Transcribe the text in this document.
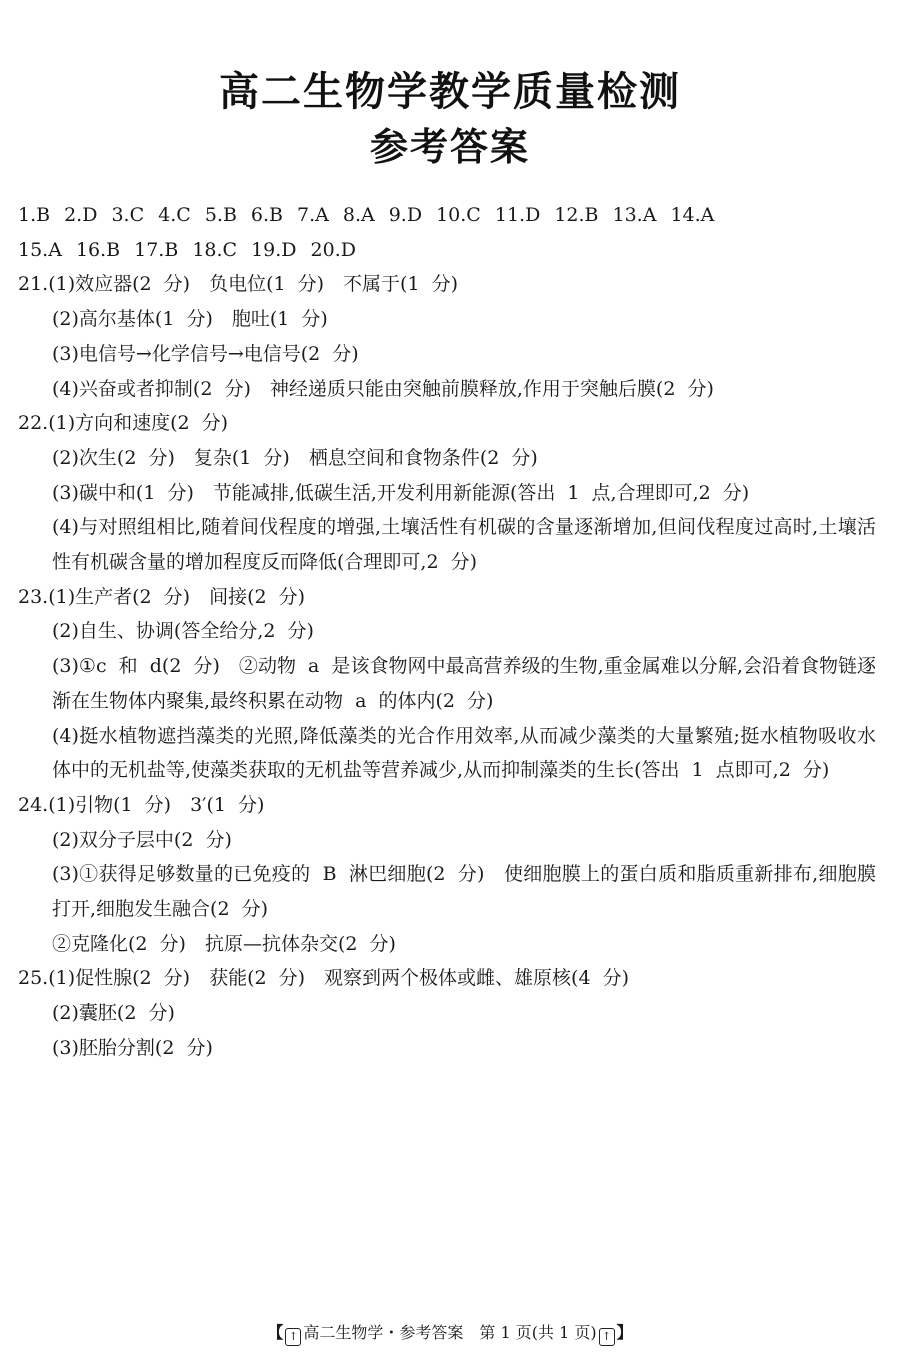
高二生物学教学质量检测
参考答案
1.B 2.D 3.C 4.C 5.B 6.B 7.A 8.A 9.D 10.C 11.D 12.B 13.A 14.A
15.A 16.B 17.B 18.C 19.D 20.D
21.(1)效应器(2 分)　负电位(1 分)　不属于(1 分)
(2)高尔基体(1 分)　胞吐(1 分)
(3)电信号→化学信号→电信号(2 分)
(4)兴奋或者抑制(2 分)　神经递质只能由突触前膜释放,作用于突触后膜(2 分)
22.(1)方向和速度(2 分)
(2)次生(2 分)　复杂(1 分)　栖息空间和食物条件(2 分)
(3)碳中和(1 分)　节能减排,低碳生活,开发利用新能源(答出 1 点,合理即可,2 分)
(4)与对照组相比,随着间伐程度的增强,土壤活性有机碳的含量逐渐增加,但间伐程度过高时,土壤活性有机碳含量的增加程度反而降低(合理即可,2 分)
23.(1)生产者(2 分)　间接(2 分)
(2)自生、协调(答全给分,2 分)
(3)①c 和 d(2 分)　②动物 a 是该食物网中最高营养级的生物,重金属难以分解,会沿着食物链逐渐在生物体内聚集,最终积累在动物 a 的体内(2 分)
(4)挺水植物遮挡藻类的光照,降低藻类的光合作用效率,从而减少藻类的大量繁殖;挺水植物吸收水体中的无机盐等,使藻类获取的无机盐等营养减少,从而抑制藻类的生长(答出 1 点即可,2 分)
24.(1)引物(1 分)　3′(1 分)
(2)双分子层中(2 分)
(3)①获得足够数量的已免疫的 B 淋巴细胞(2 分)　使细胞膜上的蛋白质和脂质重新排布,细胞膜打开,细胞发生融合(2 分)
②克隆化(2 分)　抗原—抗体杂交(2 分)
25.(1)促性腺(2 分)　获能(2 分)　观察到两个极体或雌、雄原核(4 分)
(2)囊胚(2 分)
(3)胚胎分割(2 分)
【 ↑ 高二生物学・参考答案　第 1 页(共 1 页) ↑ 】
